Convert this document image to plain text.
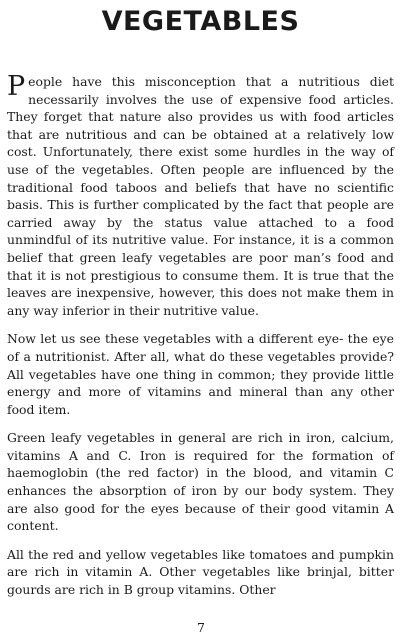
VEGETABLES

People have this misconception that a nutritious diet necessarily involves the use of expensive food articles. They forget that nature also provides us with food articles that are nutritious and can be obtained at a relatively low cost. Unfortunately, there exist some hurdles in the way of use of the vegetables. Often people are influenced by the traditional food taboos and beliefs that have no scientific basis. This is further complicated by the fact that people are carried away by the status value attached to a food unmindful of its nutritive value. For instance, it is a common belief that green leafy vegetables are poor man’s food and that it is not prestigious to consume them. It is true that the leaves are inexpensive, however, this does not make them in any way inferior in their nutritive value.

Now let us see these vegetables with a different eye- the eye of a nutritionist. After all, what do these vegetables provide? All vegetables have one thing in common; they provide little energy and more of vitamins and mineral than any other food item.

Green leafy vegetables in general are rich in iron, calcium, vitamins A and C. Iron is required for the formation of haemoglobin (the red factor) in the blood, and vitamin C enhances the absorption of iron by our body system. They are also good for the eyes because of their good vitamin A content.

All the red and yellow vegetables like tomatoes and pumpkin are rich in vitamin A. Other vegetables like brinjal, bitter gourds are rich in B group vitamins. Other

7
